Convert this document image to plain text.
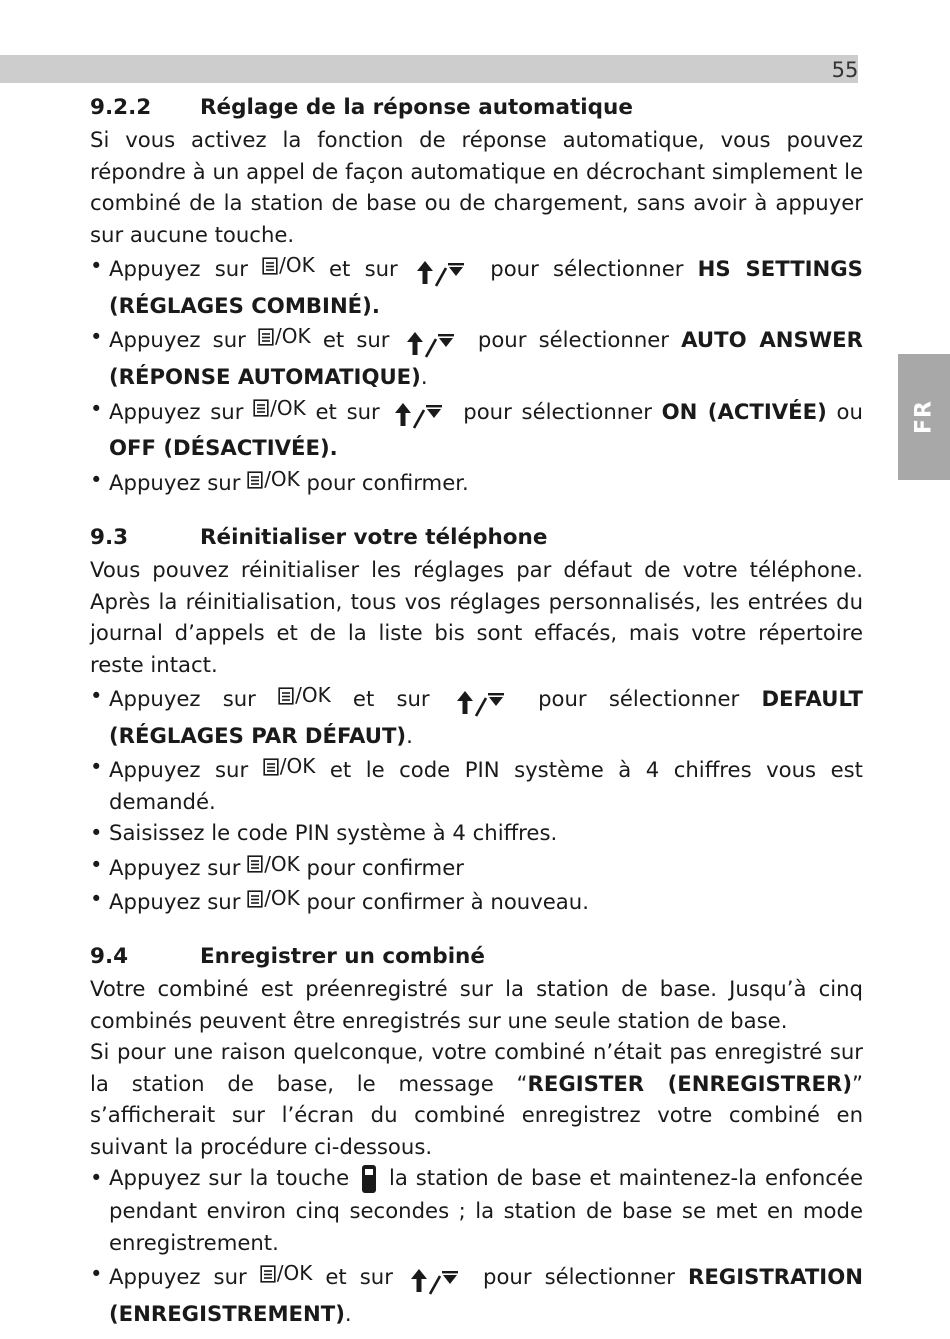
55
FR
9.2.2	Réglage de la réponse automatique

Si vous activez la fonction de réponse automatique, vous pouvez répondre à un appel de façon automatique en décrochant simplement le combiné de la station de base ou de chargement, sans avoir à appuyer sur aucune touche.

• Appuyez sur /OK et sur	pour sélectionner HS SETTINGS (RÉGLAGES COMBINÉ).
• Appuyez sur /OK et sur	pour sélectionner AUTO ANSWER (RÉPONSE AUTOMATIQUE).
• Appuyez sur /OK et sur	pour sélectionner ON (ACTIVÉE) ou OFF (DÉSACTIVÉE).
• Appuyez sur /OK pour confirmer.
9.3	Réinitialiser votre téléphone

Vous pouvez réinitialiser les réglages par défaut de votre téléphone. Après la réinitialisation, tous vos réglages personnalisés, les entrées du journal d’appels et de la liste bis sont effacés, mais votre répertoire reste intact.

• Appuyez sur /OK et sur	pour sélectionner DEFAULT (RÉGLAGES PAR DÉFAUT).
• Appuyez sur /OK et le code PIN système à 4 chiffres vous est demandé.
• Saisissez le code PIN système à 4 chiffres.
• Appuyez sur /OK pour confirmer
• Appuyez sur /OK pour confirmer à nouveau.
9.4	Enregistrer un combiné

Votre combiné est préenregistré sur la station de base. Jusqu’à cinq combinés peuvent être enregistrés sur une seule station de base.

Si pour une raison quelconque, votre combiné n’était pas enregistré sur la station de base, le message “REGISTER (ENREGISTRER)” s’afficherait sur l’écran du combiné enregistrez votre combiné en suivant la procédure ci-dessous.

• Appuyez sur la touche la station de base et maintenez-la enfoncée pendant environ cinq secondes ; la station de base se met en mode enregistrement.
• Appuyez sur /OK et sur	pour sélectionner REGISTRATION (ENREGISTREMENT).
